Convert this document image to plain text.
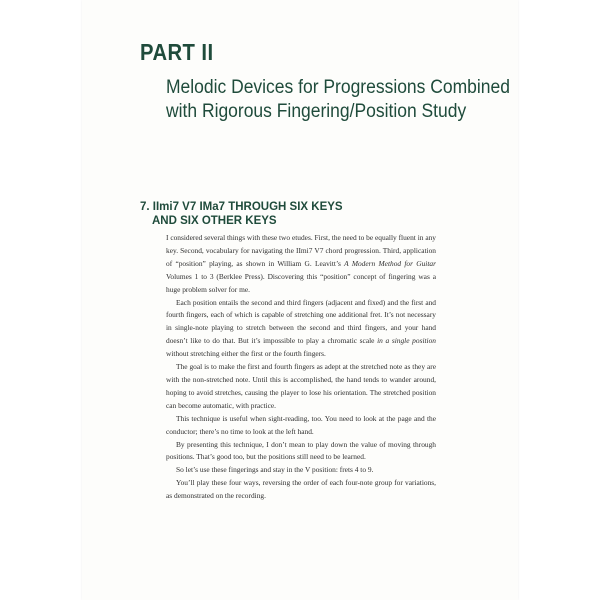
PART II
Melodic Devices for Progressions Combined
with Rigorous Fingering/Position Study
7. IImi7 V7 IMa7 THROUGH SIX KEYS
AND SIX OTHER KEYS

I considered several things with these two etudes. First, the need to be equally fluent in any key. Second, vocabulary for navigating the IImi7 V7 chord progression. Third, application of “position” playing, as shown in William G. Leavitt’s A Modern Method for Guitar Volumes 1 to 3 (Berklee Press). Discovering this “position” concept of fingering was a huge problem solver for me.

Each position entails the second and third fingers (adjacent and fixed) and the first and fourth fingers, each of which is capable of stretching one additional fret. It’s not necessary in single-note playing to stretch between the second and third fingers, and your hand doesn’t like to do that. But it’s impossible to play a chromatic scale in a single position without stretching either the first or the fourth fingers.

The goal is to make the first and fourth fingers as adept at the stretched note as they are with the non-stretched note. Until this is accomplished, the hand tends to wander around, hoping to avoid stretches, causing the player to lose his orientation. The stretched position can become automatic, with practice.

This technique is useful when sight-reading, too. You need to look at the page and the conductor; there’s no time to look at the left hand.

By presenting this technique, I don’t mean to play down the value of moving through positions. That’s good too, but the positions still need to be learned.

So let’s use these fingerings and stay in the V position: frets 4 to 9.

You’ll play these four ways, reversing the order of each four-note group for variations, as demonstrated on the recording.
